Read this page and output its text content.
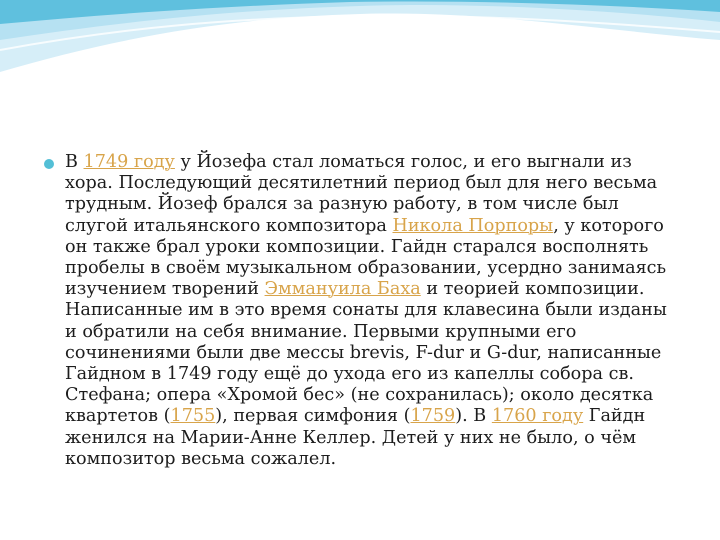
В 1749 году у Йозефа стал ломаться голос, и его выгнали из хора. Последующий десятилетний период был для него весьма трудным. Йозеф брался за разную работу, в том числе был слугой итальянского композитора Никола Порпоры, у которого он также брал уроки композиции. Гайдн старался восполнять пробелы в своём музыкальном образовании, усердно занимаясь изучением творений Эммануила Баха и теорией композиции. Написанные им в это время сонаты для клавесина были изданы и обратили на себя внимание. Первыми крупными его сочинениями были две мессы brevis, F-dur и G-dur, написанные Гайдном в 1749 году ещё до ухода его из капеллы собора св. Стефана; опера «Хромой бес» (не сохранилась); около десятка квартетов (1755), первая симфония (1759). В 1760 году Гайдн женился на Марии-Анне Келлер. Детей у них не было, о чём композитор весьма сожалел.
